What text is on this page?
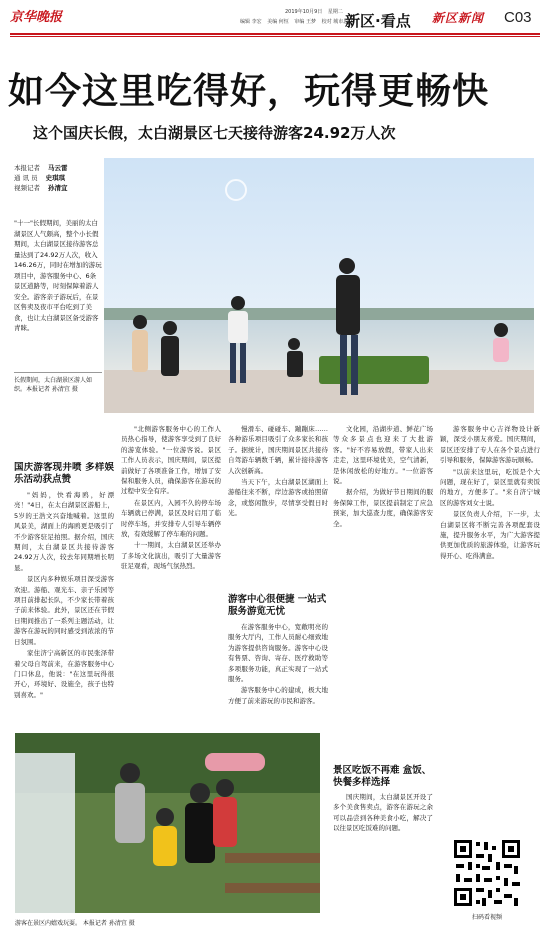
京华晚报	2019年10月9日 星期二
编辑 李宏 美编 何恒 审编 王梦 校对 城市思
新区·看点 新区新闻	C03
如今这里吃得好，玩得更畅快
这个国庆长假，太白湖景区七天接待游客24.92万人次
本报记者 马云雷
通 讯 员 史琪琪
视频记者 孙清宜
"十一"长假期间，美丽的太白湖景区人气颇高，整个小长假期间，太白湖景区接待游客总量达到了24.92万人次，收入146.26万，同时在增加的游玩项目中，游客服务中心、6条景区道路等，时刻保障着游人安全。游客亲子游玩后，在景区售卖及夜市平台吃到了美食，也让太白湖景区备受游客青睐。
长假期间，太白湖景区游人如织。本报记者 孙清宜 摄
国庆游客现井喷 多样娱乐活动获点赞

"妈妈，快看海鸥，好漂亮！"4日，在太白湖景区游船上，5岁的王浩文兴奋地喊着。这里的风景美，湖面上的海鸥更是吸引了不少游客驻足拍照。据介绍，国庆期间，太白湖景区共接待游客24.92万人次，较去年同期增长明显。

景区内多种娱乐项目深受游客欢迎。游船、观光车、亲子乐园等项目前排起长队，不少家长带着孩子前来体验。此外，景区还在节假日期间推出了一系列主题活动，让游客在游玩的同时感受到浓浓的节日氛围。

家住济宁高新区的市民张泽带着父母自驾前来，在游客服务中心门口休息，他说："在这里玩得很开心，环境好、设施全，孩子也特别喜欢。"

"北侧游客服务中心的工作人员热心指导，使游客享受到了良好的游览体验。"一位游客说。景区工作人员表示，国庆期间，景区提前做好了各项准备工作，增加了安保和服务人员，确保游客在游玩的过程中安全有序。

在景区内，入园不久的停车场车辆就已停满，景区及时启用了临时停车场，并安排专人引导车辆停放，有效缓解了停车难的问题。

十一期间，太白湖景区还举办了多场文化演出，吸引了大量游客驻足观看，现场气氛热烈。

慢滑车、碰碰车、蹦蹦床……各种游乐项目吸引了众多家长和孩子。据统计，国庆期间景区共接待自驾游车辆数千辆，累计接待游客人次创新高。

当天下午，太白湖景区湖面上游船往来不断，岸边游客或拍照留念，或悠闲散步，尽情享受假日时光。

游客中心很便捷 一站式服务游览无忧

在游客服务中心，宽敞明亮的服务大厅内，工作人员耐心细致地为游客提供咨询服务。游客中心设有售票、咨询、寄存、医疗救助等多项服务功能，真正实现了一站式服务。

游客服务中心的建成，极大地方便了前来游玩的市民和游客。

文化园，沿湖步道、鲜花广场等众多景点也迎来了大批游客。"好不容易放假，带家人出来走走，这里环境优美，空气清新，是休闲放松的好地方。"一位游客说。

据介绍，为做好节日期间的服务保障工作，景区提前制定了应急预案，加大巡查力度，确保游客安全。

景区吃饭不再难 盒饭、快餐多样选择

国庆期间，太白湖景区开设了多个美食售卖点，游客在游玩之余可以品尝到各种美食小吃，解决了以往景区吃饭难的问题。

游客服务中心吉祥物设计新颖，深受小朋友喜爱。国庆期间，景区还安排了专人在各个景点进行引导和服务，保障游客游玩顺畅。

"以前来这里玩，吃饭是个大问题，现在好了，景区里就有卖饭的地方，方便多了。"来自济宁城区的游客刘女士说。

景区负责人介绍，下一步，太白湖景区将不断完善各项配套设施，提升服务水平，为广大游客提供更加优质的旅游体验，让游客玩得开心、吃得满意。

游客在景区内嬉戏玩耍。 本报记者 孙清宜 摄
扫码看视频
